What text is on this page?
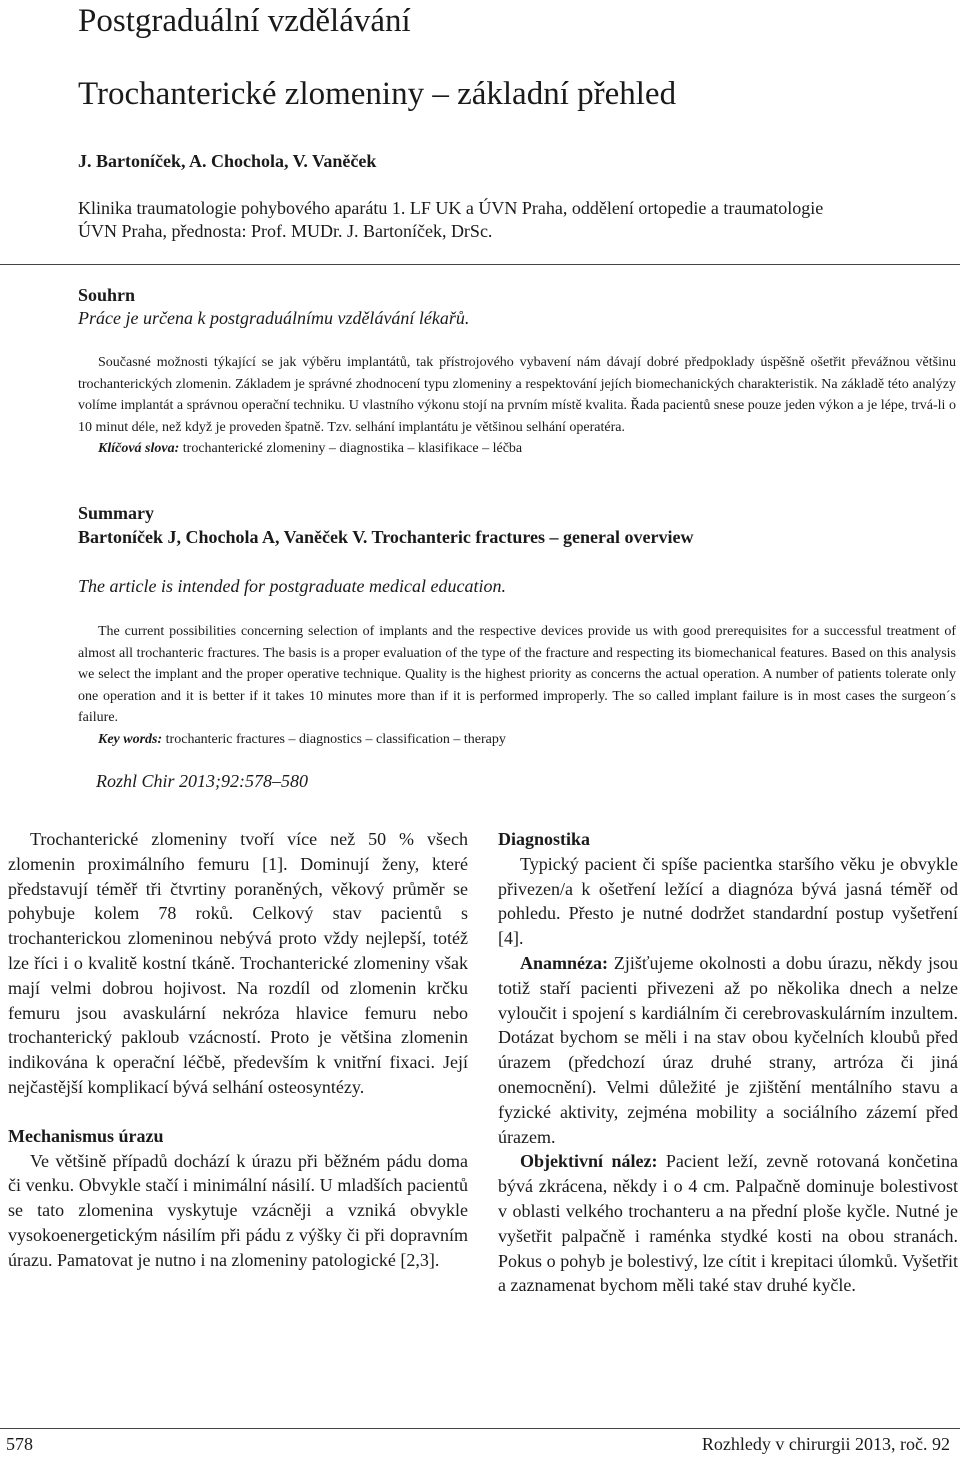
Postgraduální vzdělávání
Trochanterické zlomeniny – základní přehled
J. Bartoníček, A. Chochola, V. Vaněček
Klinika traumatologie pohybového aparátu 1. LF UK a ÚVN Praha, oddělení ortopedie a traumatologie
ÚVN Praha, přednosta: Prof. MUDr. J. Bartoníček, DrSc.
Souhrn
Práce je určena k postgraduálnímu vzdělávání lékařů.

Současné možnosti týkající se jak výběru implantátů, tak přístrojového vybavení nám dávají dobré předpoklady úspěšně ošetřit převážnou většinu trochanterických zlomenin. Základem je správné zhodnocení typu zlomeniny a respektování jejích biomechanických charakteristik. Na základě této analýzy volíme implantát a správnou operační techniku. U vlastního výkonu stojí na prvním místě kvalita. Řada pacientů snese pouze jeden výkon a je lépe, trvá-li o 10 minut déle, než když je proveden špatně. Tzv. selhání implantátu je většinou selhání operatéra.

Klíčová slova: trochanterické zlomeniny – diagnostika – klasifikace – léčba

Summary
Bartoníček J, Chochola A, Vaněček V. Trochanteric fractures – general overview
The article is intended for postgraduate medical education.

The current possibilities concerning selection of implants and the respective devices provide us with good prerequisites for a successful treatment of almost all trochanteric fractures. The basis is a proper evaluation of the type of the fracture and respecting its biomechanical features. Based on this analysis we select the implant and the proper operative technique. Quality is the highest priority as concerns the actual operation. A number of patients tolerate only one operation and it is better if it takes 10 minutes more than if it is performed improperly. The so called implant failure is in most cases the surgeon´s failure.

Key words: trochanteric fractures – diagnostics – classification – therapy

Rozhl Chir 2013;92:578–580

Trochanterické zlomeniny tvoří více než 50 % všech zlomenin proximálního femuru [1]. Dominují ženy, které představují téměř tři čtvrtiny poraněných, věkový průměr se pohybuje kolem 78 roků. Celkový stav pacientů s trochanterickou zlomeninou nebývá proto vždy nejlepší, totéž lze říci i o kvalitě kostní tkáně. Trochanterické zlomeniny však mají velmi dobrou hojivost. Na rozdíl od zlomenin krčku femuru jsou avaskulární nekróza hlavice femuru nebo trochanterický pakloub vzácností. Proto je většina zlomenin indikována k operační léčbě, především k vnitřní fixaci. Její nejčastější komplikací bývá selhání osteosyntézy.

Mechanismus úrazu

Ve většině případů dochází k úrazu při běžném pádu doma či venku. Obvykle stačí i minimální násilí. U mladších pacientů se tato zlomenina vyskytuje vzácněji a vzniká obvykle vysokoenergetickým násilím při pádu z výšky či při dopravním úrazu. Pamatovat je nutno i na zlomeniny patologické [2,3].

Diagnostika

Typický pacient či spíše pacientka staršího věku je obvykle přivezen/a k ošetření ležící a diagnóza bývá jasná téměř od pohledu. Přesto je nutné dodržet standardní postup vyšetření [4].

Anamnéza: Zjišťujeme okolnosti a dobu úrazu, někdy jsou totiž staří pacienti přivezeni až po několika dnech a nelze vyloučit i spojení s kardiálním či cerebrovaskulárním inzultem. Dotázat bychom se měli i na stav obou kyčelních kloubů před úrazem (předchozí úraz druhé strany, artróza či jiná onemocnění). Velmi důležité je zjištění mentálního stavu a fyzické aktivity, zejména mobility a sociálního zázemí před úrazem.

Objektivní nález: Pacient leží, zevně rotovaná končetina bývá zkrácena, někdy i o 4 cm. Palpačně dominuje bolestivost v oblasti velkého trochanteru a na přední ploše kyčle. Nutné je vyšetřit palpačně i raménka stydké kosti na obou stranách. Pokus o pohyb je bolestivý, lze cítit i krepitaci úlomků. Vyšetřit a zaznamenat bychom měli také stav druhé kyčle.

578	Rozhledy v chirurgii 2013, roč. 92
